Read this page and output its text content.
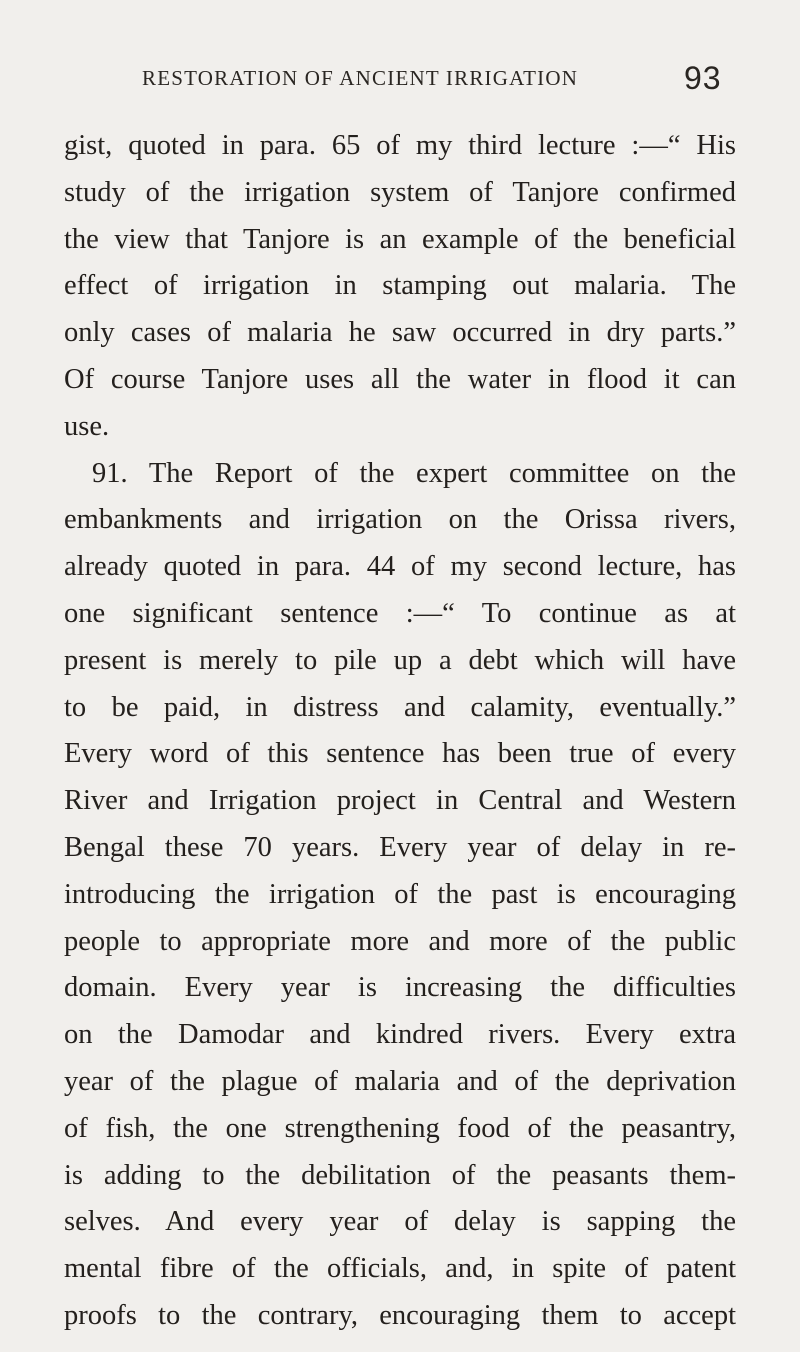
RESTORATION OF ANCIENT IRRIGATION	93
gist, quoted in para. 65 of my third lecture :—“ His
study of the irrigation system of Tanjore confirmed
the view that Tanjore is an example of the beneficial
effect of irrigation in stamping out malaria. The
only cases of malaria he saw occurred in dry parts.”
Of course Tanjore uses all the water in flood it can
use.
91. The Report of the expert committee on the
embankments and irrigation on the Orissa rivers,
already quoted in para. 44 of my second lecture, has
one significant sentence :—“ To continue as at
present is merely to pile up a debt which will have
to be paid, in distress and calamity, eventually.”
Every word of this sentence has been true of every
River and Irrigation project in Central and Western
Bengal these 70 years. Every year of delay in re-
introducing the irrigation of the past is encouraging
people to appropriate more and more of the public
domain. Every year is increasing the difficulties
on the Damodar and kindred rivers. Every extra
year of the plague of malaria and of the deprivation
of fish, the one strengthening food of the peasantry,
is adding to the debilitation of the peasants them-
selves. And every year of delay is sapping the
mental fibre of the officials, and, in spite of patent
proofs to the contrary, encouraging them to accept
